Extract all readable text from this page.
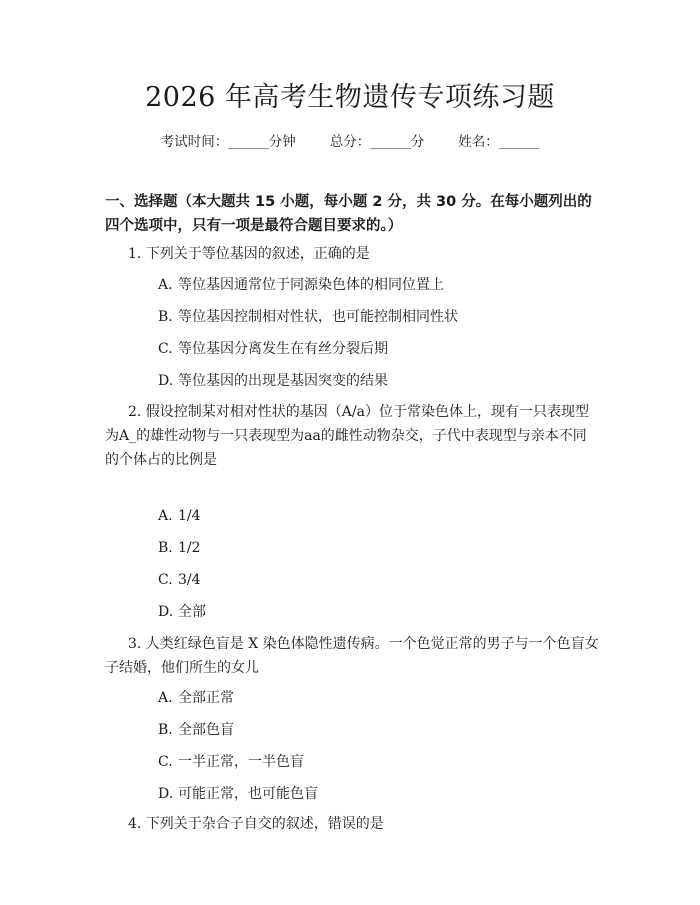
2026 年高考生物遗传专项练习题
考试时间：______分钟	总分：______分	姓名：______
一、选择题（本大题共 15 小题，每小题 2 分，共 30 分。在每小题列出的四个选项中，只有一项是最符合题目要求的。）
1. 下列关于等位基因的叙述，正确的是
A. 等位基因通常位于同源染色体的相同位置上
B. 等位基因控制相对性状，也可能控制相同性状
C. 等位基因分离发生在有丝分裂后期
D. 等位基因的出现是基因突变的结果
2. 假设控制某对相对性状的基因（A/a）位于常染色体上，现有一只表现型为A_的雄性动物与一只表现型为aa的雌性动物杂交，子代中表现型与亲本不同的个体占的比例是
A. 1/4
B. 1/2
C. 3/4
D. 全部
3. 人类红绿色盲是 X 染色体隐性遗传病。一个色觉正常的男子与一个色盲女子结婚，他们所生的女儿
A. 全部正常
B. 全部色盲
C. 一半正常，一半色盲
D. 可能正常，也可能色盲
4. 下列关于杂合子自交的叙述，错误的是
